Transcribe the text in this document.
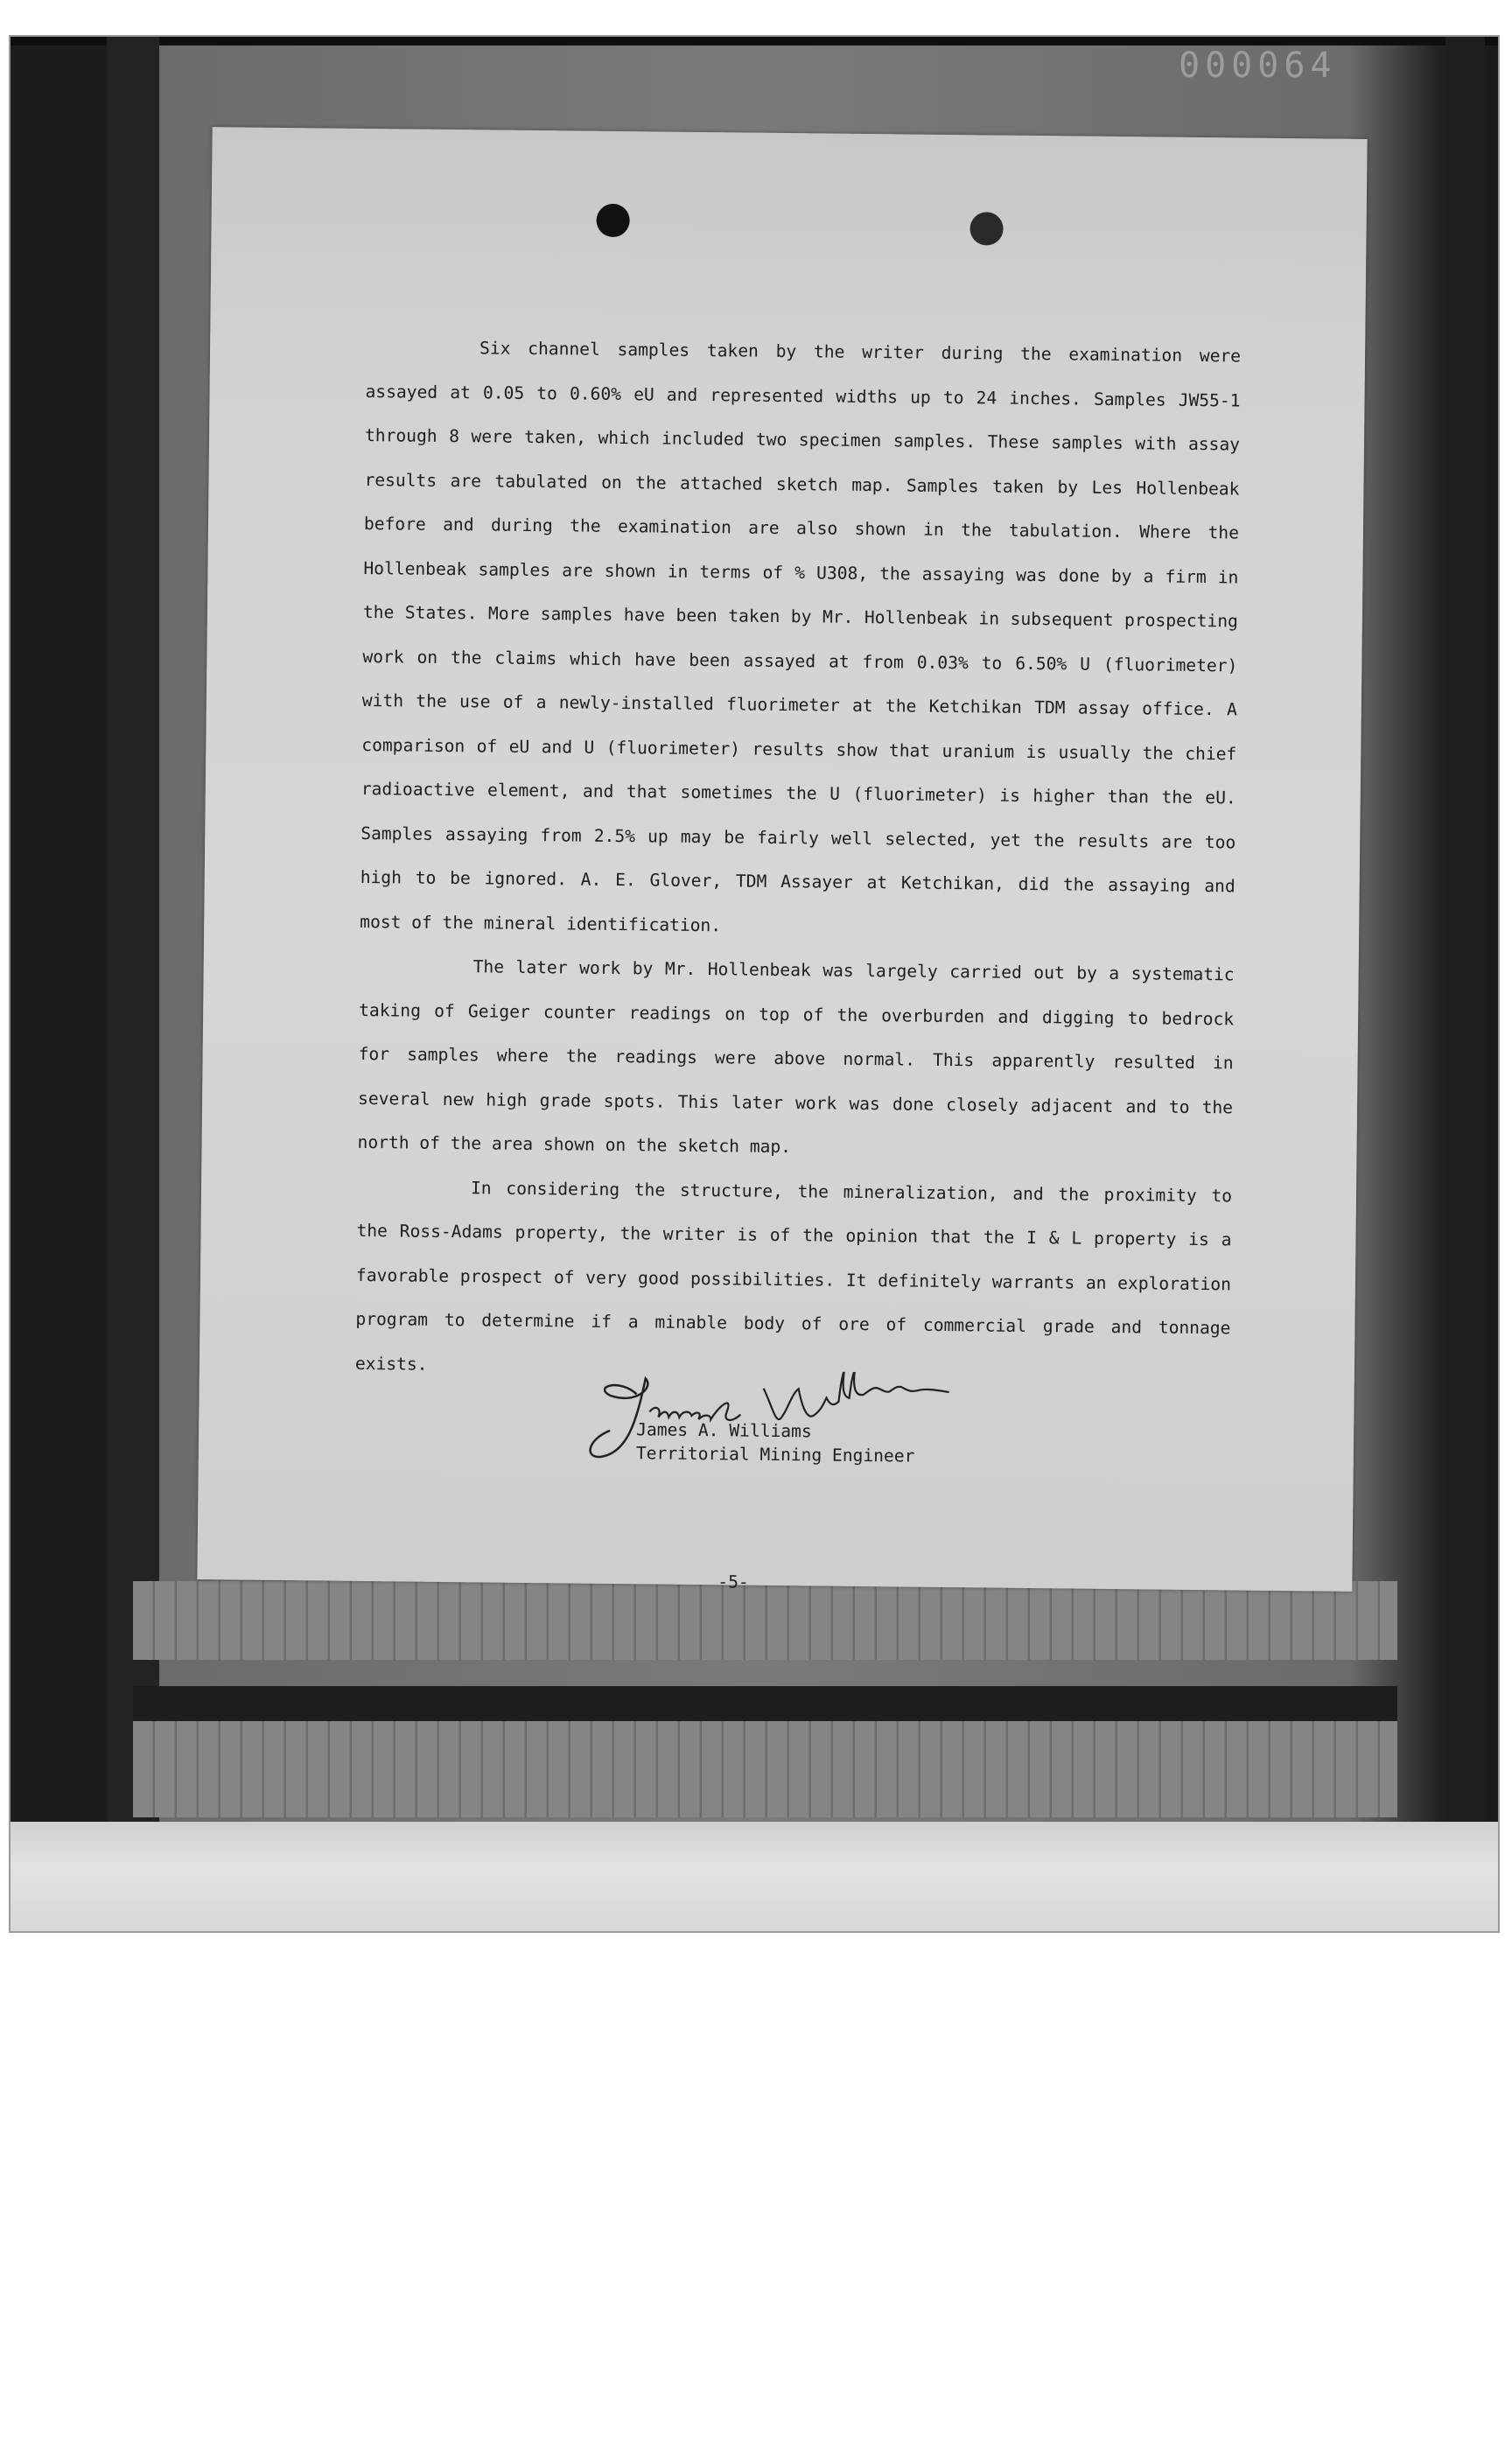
000064

Six channel samples taken by the writer during the examination were assayed at 0.05 to 0.60% eU and represented widths up to 24 inches. Samples JW55-1 through 8 were taken, which included two specimen samples. These samples with assay results are tabulated on the attached sketch map. Samples taken by Les Hollenbeak before and during the examination are also shown in the tabulation. Where the Hollenbeak samples are shown in terms of % U308, the assaying was done by a firm in the States. More samples have been taken by Mr. Hollenbeak in subsequent prospecting work on the claims which have been assayed at from 0.03% to 6.50% U (fluorimeter) with the use of a newly-installed fluorimeter at the Ketchikan TDM assay office. A comparison of eU and U (fluorimeter) results show that uranium is usually the chief radioactive element, and that sometimes the U (fluorimeter) is higher than the eU. Samples assaying from 2.5% up may be fairly well selected, yet the results are too high to be ignored. A. E. Glover, TDM Assayer at Ketchikan, did the assaying and most of the mineral identification.

The later work by Mr. Hollenbeak was largely carried out by a systematic taking of Geiger counter readings on top of the overburden and digging to bedrock for samples where the readings were above normal. This apparently resulted in several new high grade spots. This later work was done closely adjacent and to the north of the area shown on the sketch map.

In considering the structure, the mineralization, and the proximity to the Ross-Adams property, the writer is of the opinion that the I & L property is a favorable prospect of very good possibilities. It definitely warrants an exploration program to determine if a minable body of ore of commercial grade and tonnage exists.

James A. Williams
Territorial Mining Engineer
-5-
